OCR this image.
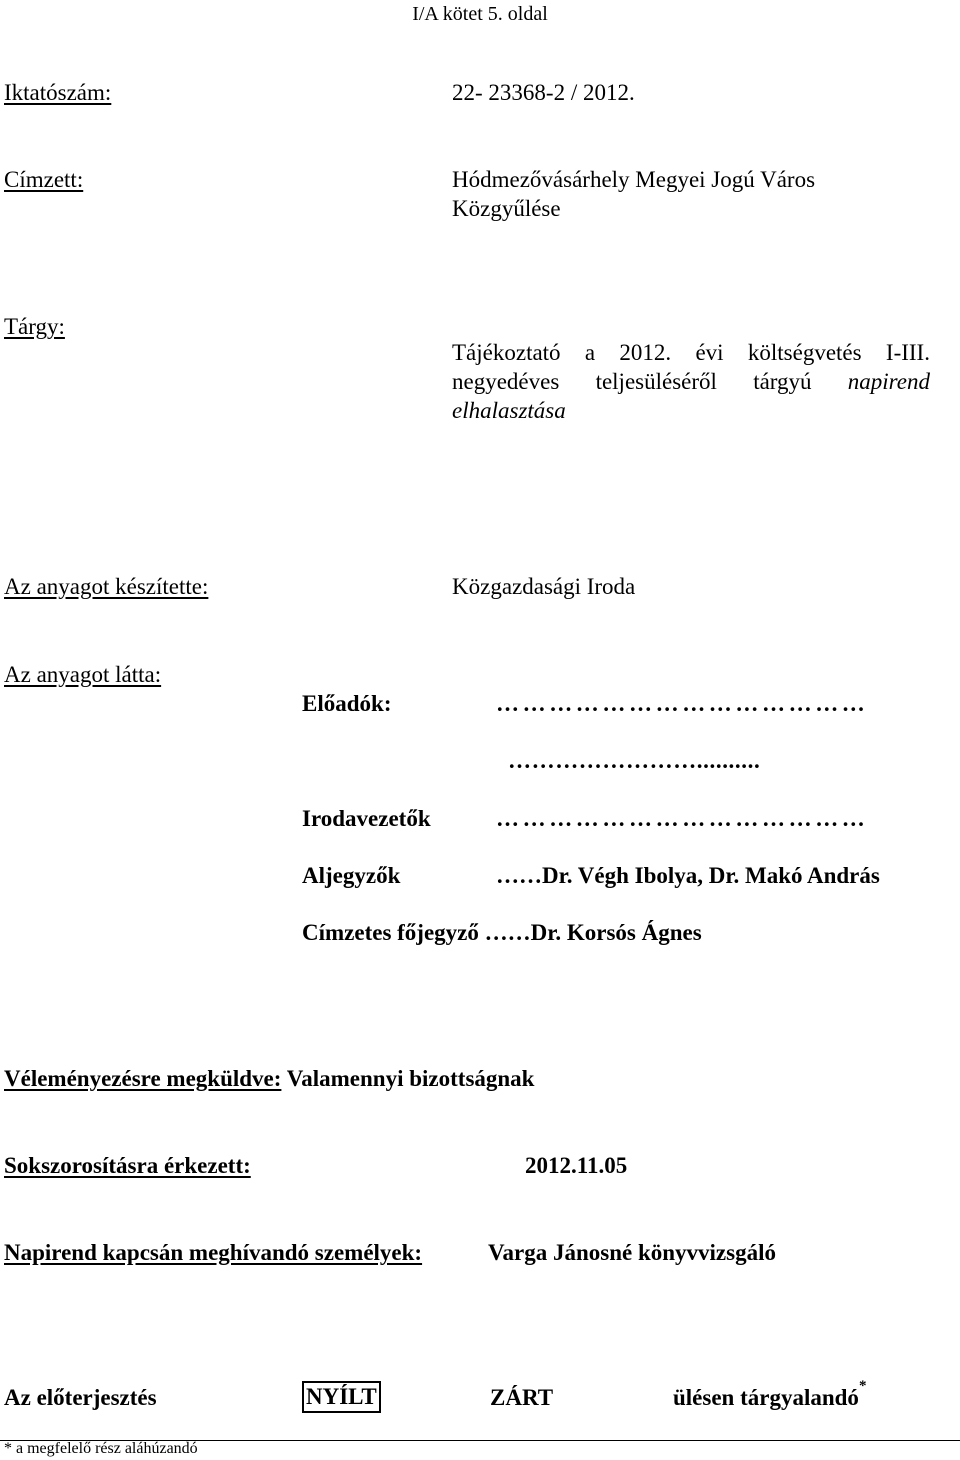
I/A kötet 5. oldal
Iktatószám:	22- 23368-2 / 2012.
Címzett:	Hódmezővásárhely Megyei Jogú Város
Közgyűlése
Tárgy:
Tájékoztató a 2012. évi költségvetés I-III.
negyedéves teljesüléséről tárgyú napirend
elhalasztása
Az anyagot készítette:	Közgazdasági Iroda
Az anyagot látta:
Előadók:	……………………………………
……………………..........
Irodavezetők	……………………………………
Aljegyzők	……Dr. Végh Ibolya, Dr. Makó András
Címzetes főjegyző ……Dr. Korsós Ágnes
Véleményezésre megküldve: Valamennyi bizottságnak
Sokszorosításra érkezett:	2012.11.05
Napirend kapcsán meghívandó személyek:	Varga Jánosné könyvvizsgáló
Az előterjesztés	NYÍLT	ZÁRT	ülésen tárgyalandó*
* a megfelelő rész aláhúzandó
